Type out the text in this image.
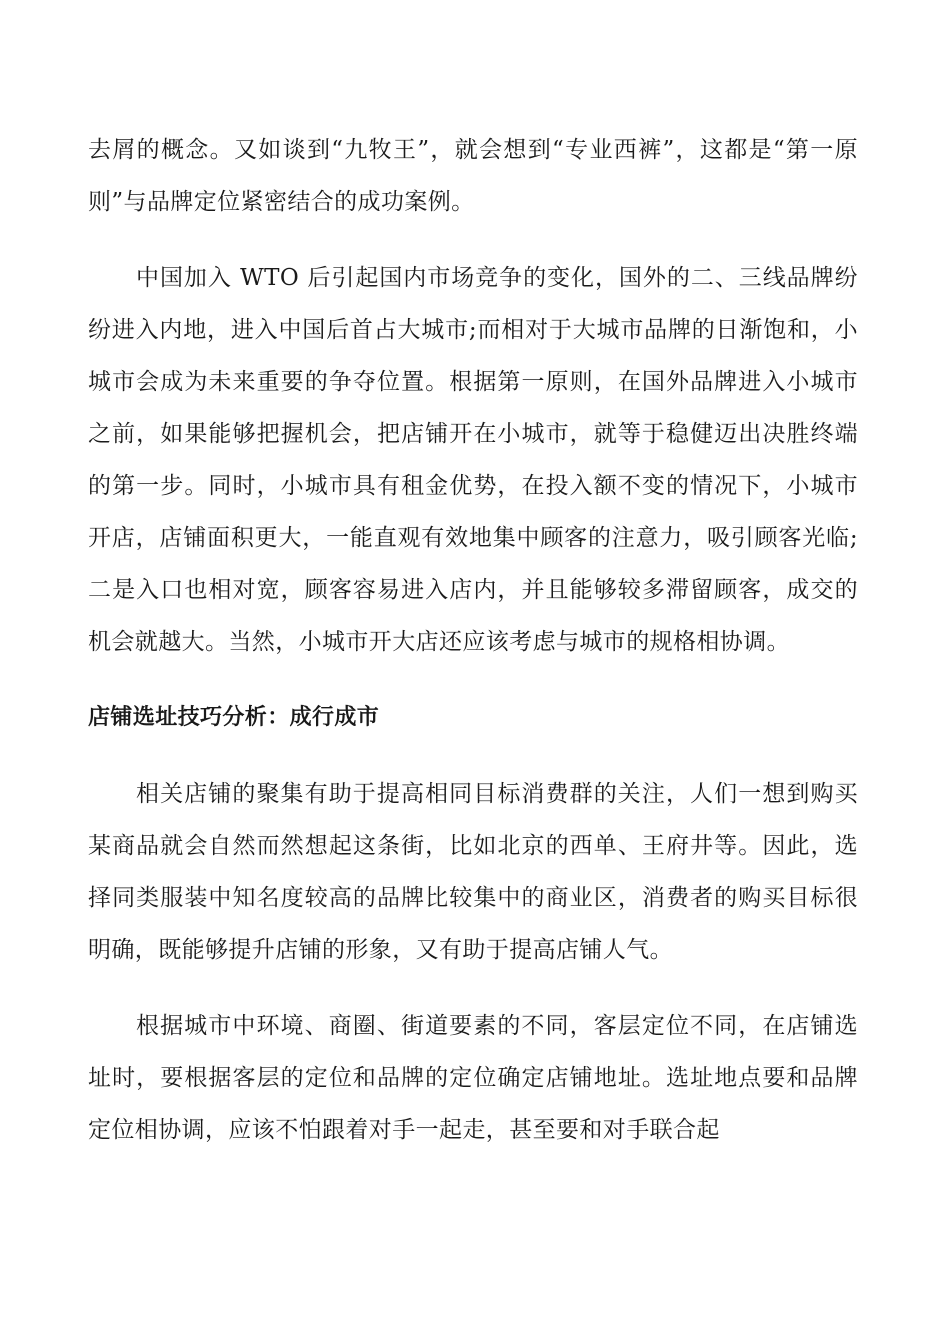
去屑的概念。又如谈到“九牧王”，就会想到“专业西裤”，这都是“第一原则”与品牌定位紧密结合的成功案例。

中国加入 WTO 后引起国内市场竞争的变化，国外的二、三线品牌纷纷进入内地，进入中国后首占大城市;而相对于大城市品牌的日渐饱和，小城市会成为未来重要的争夺位置。根据第一原则，在国外品牌进入小城市之前，如果能够把握机会，把店铺开在小城市，就等于稳健迈出决胜终端的第一步。同时，小城市具有租金优势，在投入额不变的情况下，小城市开店，店铺面积更大，一能直观有效地集中顾客的注意力，吸引顾客光临;二是入口也相对宽，顾客容易进入店内，并且能够较多滞留顾客，成交的机会就越大。当然，小城市开大店还应该考虑与城市的规格相协调。

店铺选址技巧分析：成行成市

相关店铺的聚集有助于提高相同目标消费群的关注，人们一想到购买某商品就会自然而然想起这条街，比如北京的西单、王府井等。因此，选择同类服装中知名度较高的品牌比较集中的商业区，消费者的购买目标很明确，既能够提升店铺的形象，又有助于提高店铺人气。

根据城市中环境、商圈、街道要素的不同，客层定位不同，在店铺选址时，要根据客层的定位和品牌的定位确定店铺地址。选址地点要和品牌定位相协调，应该不怕跟着对手一起走，甚至要和对手联合起
